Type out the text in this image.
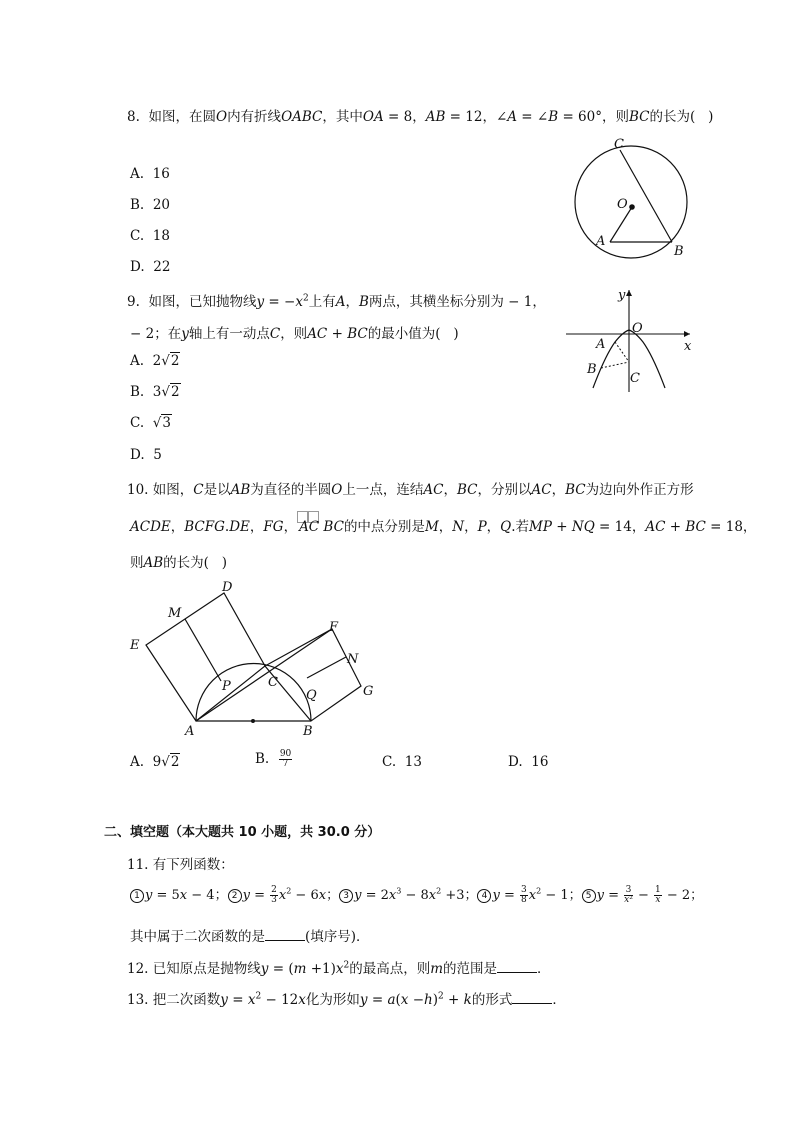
8.  如图，在圆O内有折线OABC，其中OA = 8，AB = 12，∠A = ∠B = 60°，则BC的长为(   )
A. 16
B. 20
C. 18
D. 22
C
O
A
B
9.  如图，已知抛物线$y = -x^2$上有A，B两点，其横坐标分别为 − 1，
− 2；在y轴上有一动点C，则AC + BC的最小值为(   )
A.  2√2
B.  3√2
C.  √3
D. 5
y
x
O
A
B
C
10. 如图，C是以AB为直径的半圆O上一点，连结AC，BC，分别以AC，BC为边向外作正方形
ACDE，BCFG.DE，FG， AC BC的中点分别是M，N，P，Q.若MP + NQ = 14，AC + BC = 18，
则AB的长为(   )
D
M
E
F
N
P	C
Q	G
A	B
A.  9√2	B. $\frac{90}{7}$	C. 13	D. 16
二、填空题（本大题共 10 小题，共 30.0 分）
11. 有下列函数：
1 y = 5x − 4； 2 $y = \frac{2}{3} x^2 - 6x$； 3 $y = 2x^3 - 8x^2 +3$； 4 $y = \frac{3}{8} x^2 - 1$； 5 $y = \frac{3}{\text{x²}} - \frac{1}{x} - 2$；
其中属于二次函数的是	(填序号)．
12. 已知原点是抛物线$y = (m +1)x^2$的最高点，则m的范围是	．
13. 把二次函数$y = x^2 - 12x$化为形如$y = a(x -h)^2 + k$的形式	．
